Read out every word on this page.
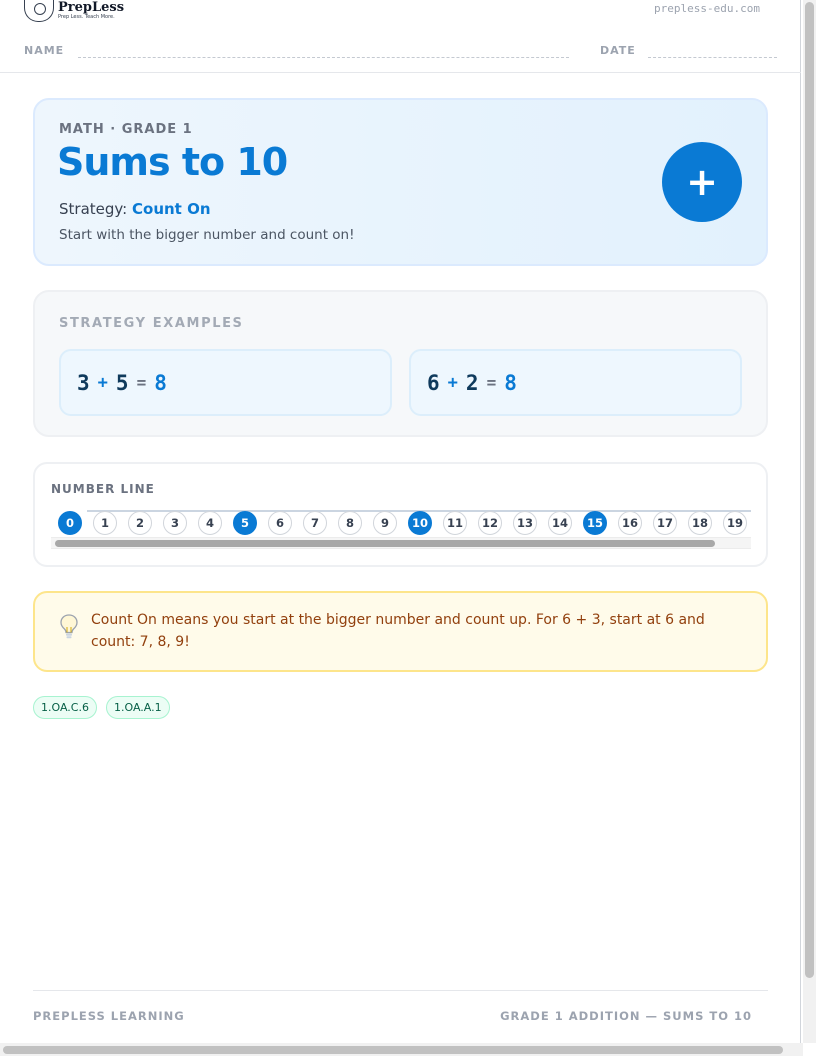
PrepLess
Prep Less. Teach More.
prepless-edu.com
NAME	DATE
MATH · GRADE 1
Sums to 10
Strategy: Count On
Start with the bigger number and count on!
+
STRATEGY EXAMPLES
3 + 5 = 8	6 + 2 = 8
NUMBER LINE
0	1	2	3	4	5	6	7	8	9	10	11	12	13	14	15	16	17	18	19

Count On means you start at the bigger number and count up. For 6 + 3, start at 6 and count: 7, 8, 9!

1.OA.C.6	1.OA.A.1
PREPLESS LEARNING	GRADE 1 ADDITION — SUMS TO 10
